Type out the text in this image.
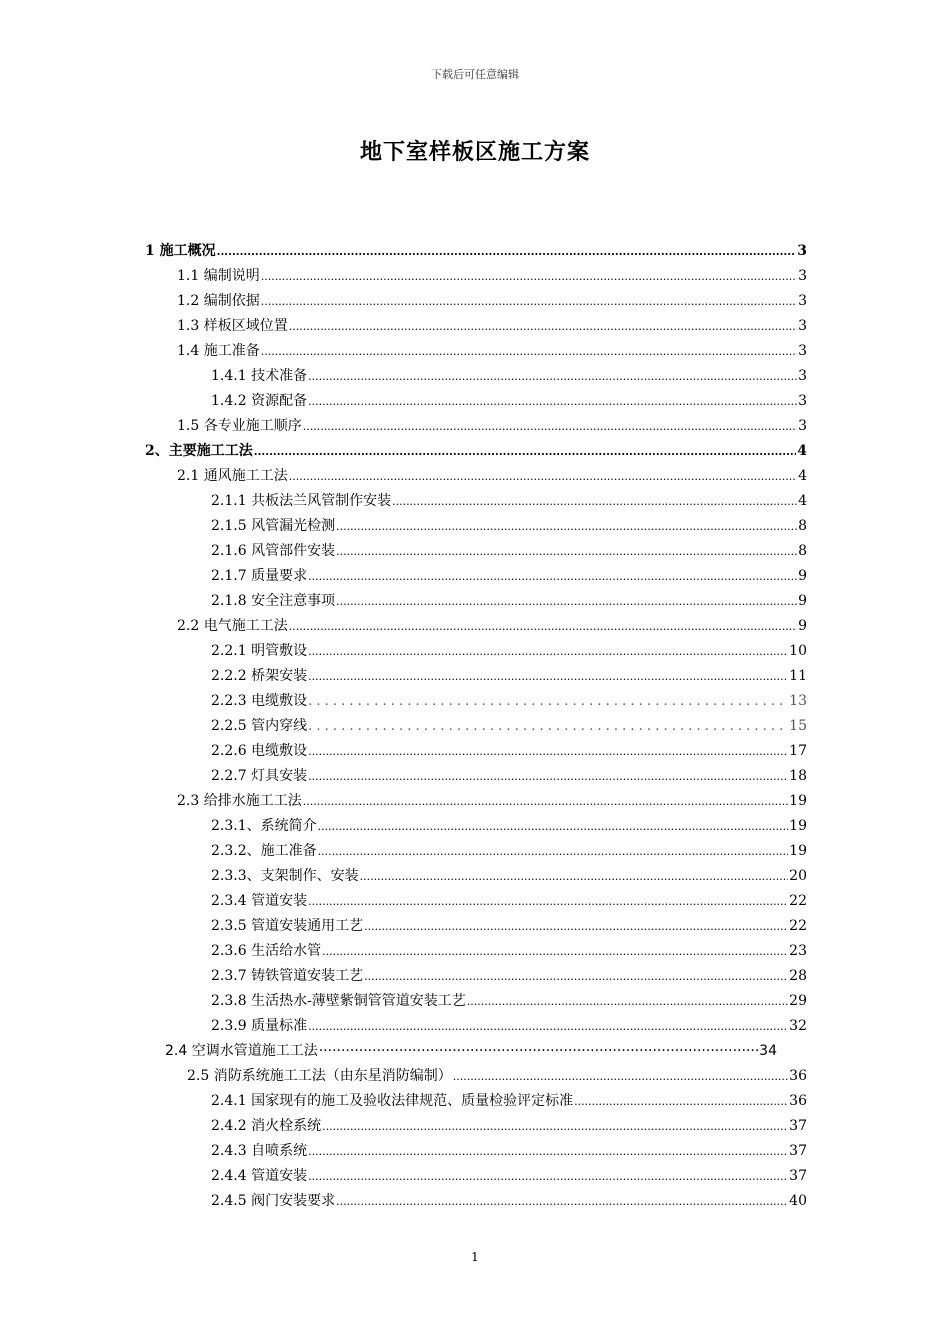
下载后可任意编辑
地下室样板区施工方案
1 施工概况 .....	3
1.1 编制说明 .....	3
1.2 编制依据 .....	3
1.3 样板区域位置 .....	3
1.4 施工准备 .....	3
1.4.1 技术准备 .....	3
1.4.2 资源配备 .....	3
1.5 各专业施工顺序 .....	3
2、主要施工工法 .....	4
2.1 通风施工工法 .....	4
2.1.1 共板法兰风管制作安装 .....	4
2.1.5 风管漏光检测 .....	8
2.1.6 风管部件安装 .....	8
2.1.7 质量要求 .....	9
2.1.8 安全注意事项 .....	9
2.2 电气施工工法 .....	9
2.2.1 明管敷设 .....	10
2.2.2 桥架安装 .....	11
2.2.3 电缆敷设 . . .	13
2.2.5 管内穿线 . . .	15
2.2.6 电缆敷设 .....	17
2.2.7 灯具安装 .....	18
2.3 给排水施工工法 .....	19
2.3.1、系统简介 .....	19
2.3.2、施工准备 .....	19
2.3.3、支架制作、安装 .....	20
2.3.4 管道安装 .....	22
2.3.5 管道安装通用工艺 .....	22
2.3.6 生活给水管 .....	23
2.3.7 铸铁管道安装工艺 .....	28
2.3.8 生活热水-薄壁紫铜管管道安装工艺 .....	29
2.3.9 质量标准 .....	32
2.4 空调水管道施工工法 ·····	34
2.5 消防系统施工工法（由东星消防编制） .....	36
2.4.1 国家现有的施工及验收法律规范、质量检验评定标准 .....	36
2.4.2 消火栓系统 .....	37
2.4.3 自喷系统 .....	37
2.4.4 管道安装 .....	37
2.4.5 阀门安装要求 .....	40
1
